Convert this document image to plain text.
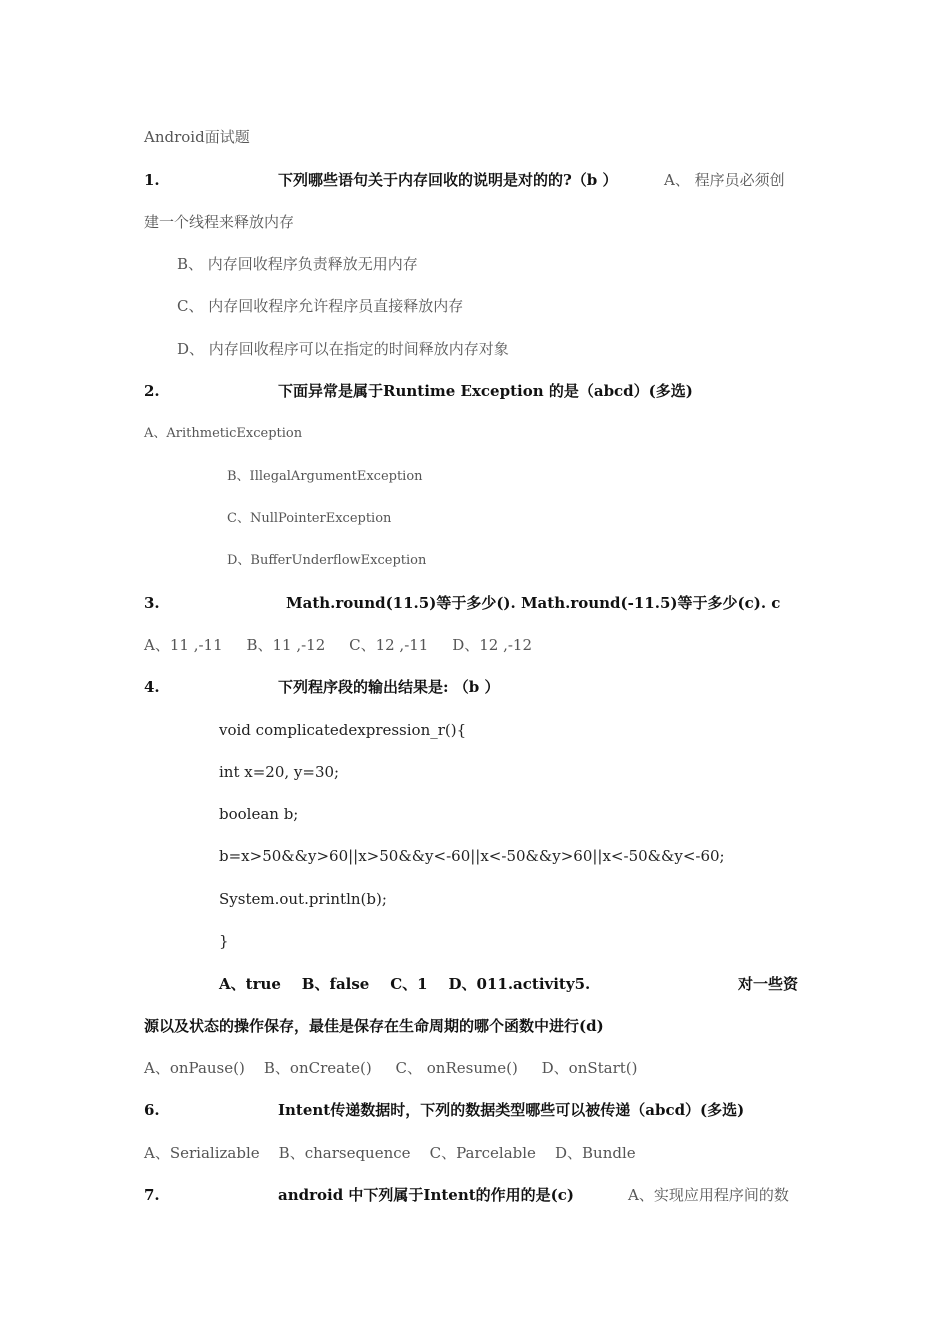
Android面试题
1.	下列哪些语句关于内存回收的说明是对的的?（b ）	A、 程序员必须创
建一个线程来释放内存
B、 内存回收程序负责释放无用内存
C、 内存回收程序允许程序员直接释放内存
D、 内存回收程序可以在指定的时间释放内存对象
2.	下面异常是属于Runtime Exception 的是（abcd）(多选)
A、ArithmeticException
B、IllegalArgumentException
C、NullPointerException
D、BufferUnderflowException
3.	Math.round(11.5)等于多少(). Math.round(-11.5)等于多少(c). c
A、11 ,-11     B、11 ,-12     C、12 ,-11     D、12 ,-12
4.	下列程序段的输出结果是: （b ）
void complicatedexpression_r(){
int x=20, y=30;
boolean b;
b=x>50&&y>60||x>50&&y<-60||x<-50&&y>60||x<-50&&y<-60;
System.out.println(b);
}
A、true    B、false    C、1    D、011.activity5.	对一些资
源以及状态的操作保存，最佳是保存在生命周期的哪个函数中进行(d)
A、onPause()    B、onCreate()     C、 onResume()     D、onStart()
6.	Intent传递数据时，下列的数据类型哪些可以被传递（abcd）(多选)
A、Serializable    B、charsequence    C、Parcelable    D、Bundle
7.	android 中下列属于Intent的作用的是(c)	A、实现应用程序间的数
